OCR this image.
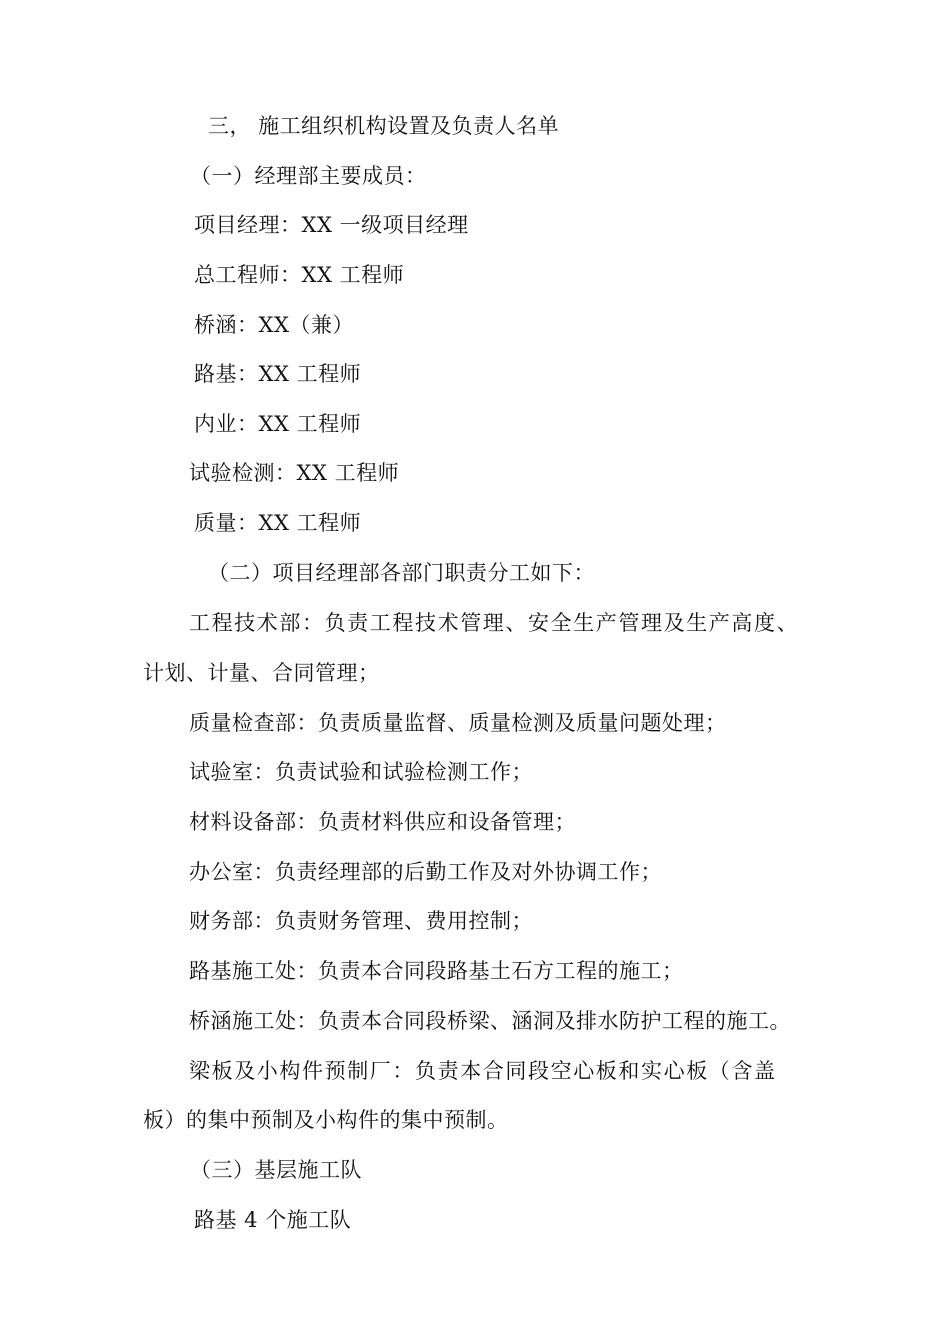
三， 施工组织机构设置及负责人名单
（一）经理部主要成员：
项目经理：XX 一级项目经理
总工程师：XX 工程师
桥涵：XX（兼）
路基：XX 工程师
内业：XX 工程师
试验检测：XX 工程师
质量：XX 工程师
（二）项目经理部各部门职责分工如下：
工程技术部：负责工程技术管理、安全生产管理及生产高度、
计划、计量、合同管理；
质量检查部：负责质量监督、质量检测及质量问题处理；
试验室：负责试验和试验检测工作；
材料设备部：负责材料供应和设备管理；
办公室：负责经理部的后勤工作及对外协调工作；
财务部：负责财务管理、费用控制；
路基施工处：负责本合同段路基土石方工程的施工；
桥涵施工处：负责本合同段桥梁、涵洞及排水防护工程的施工。
梁板及小构件预制厂：负责本合同段空心板和实心板（含盖
板）的集中预制及小构件的集中预制。
（三）基层施工队
路基 4 个施工队
